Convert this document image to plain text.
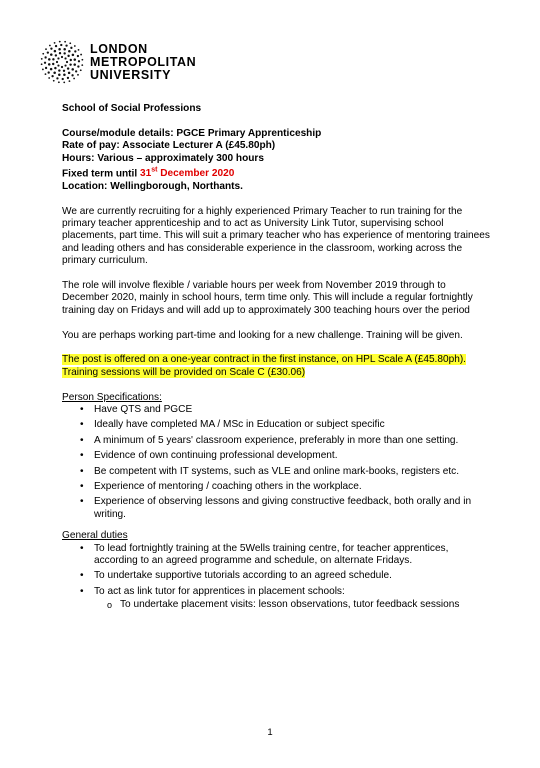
LONDON
METROPOLITAN
UNIVERSITY

School of Social Professions

Course/module details: PGCE Primary Apprenticeship

Rate of pay: Associate Lecturer A (£45.80ph)

Hours: Various – approximately 300 hours

Fixed term until 31st December 2020

Location: Wellingborough, Northants.

We are currently recruiting for a highly experienced Primary Teacher to run training for the primary teacher apprenticeship and to act as University Link Tutor, supervising school placements, part time. This will suit a primary teacher who has experience of mentoring trainees and leading others and has considerable experience in the classroom, working across the primary curriculum.

The role will involve flexible / variable hours per week from November 2019 through to December 2020, mainly in school hours, term time only. This will include a regular fortnightly training day on Fridays and will add up to approximately 300 teaching hours over the period

You are perhaps working part-time and looking for a new challenge. Training will be given.

The post is offered on a one-year contract in the first instance, on HPL Scale A (£45.80ph). Training sessions will be provided on Scale C (£30.06)

Person Specifications:

• Have QTS and PGCE
• Ideally have completed MA / MSc in Education or subject specific
• A minimum of 5 years' classroom experience, preferably in more than one setting.
• Evidence of own continuing professional development.
• Be competent with IT systems, such as VLE and online mark-books, registers etc.
• Experience of mentoring / coaching others in the workplace.
• Experience of observing lessons and giving constructive feedback, both orally and in writing.

General duties

• To lead fortnightly training at the 5Wells training centre, for teacher apprentices, according to an agreed programme and schedule, on alternate Fridays.
• To undertake supportive tutorials according to an agreed schedule.
• To act as link tutor for apprentices in placement schools:
o To undertake placement visits: lesson observations, tutor feedback sessions
1
